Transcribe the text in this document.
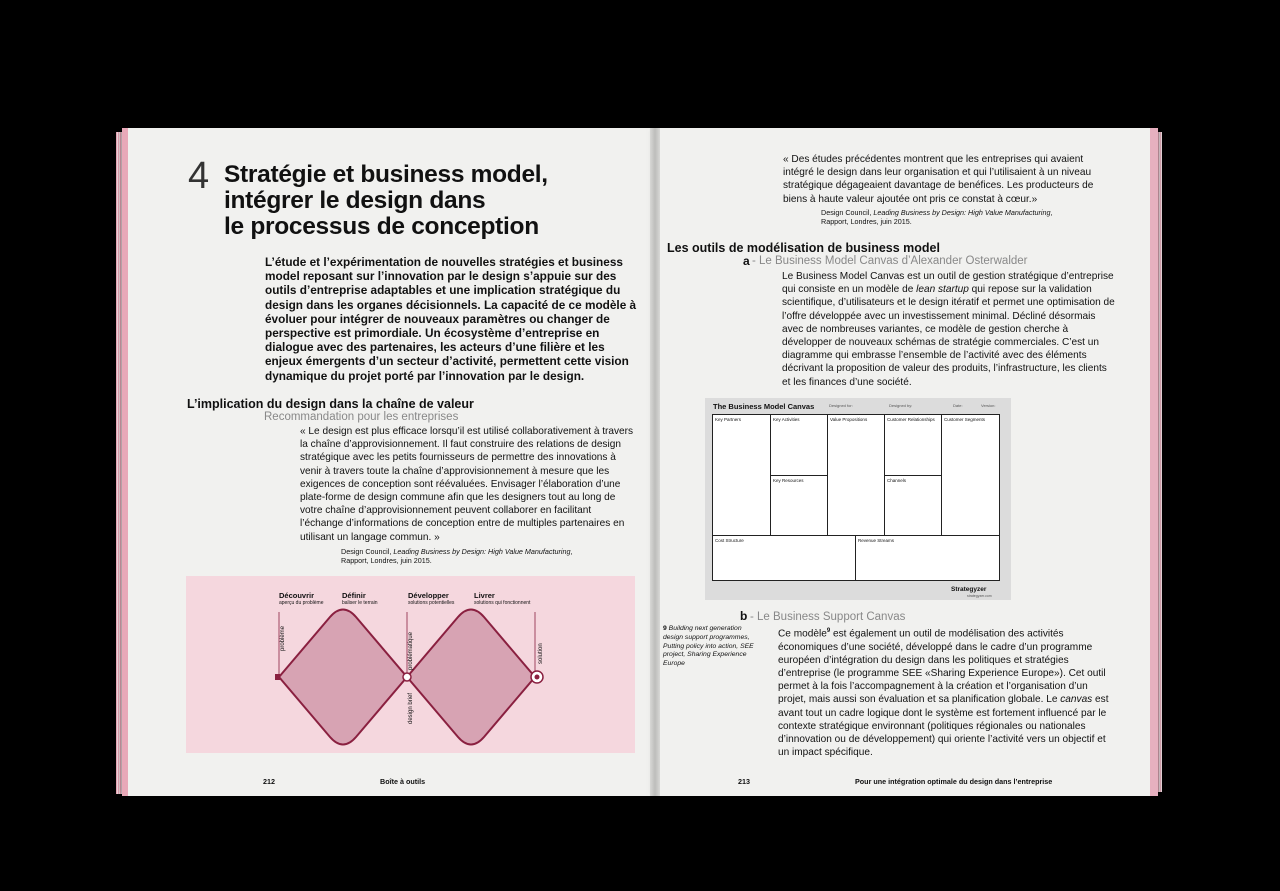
4 Stratégie et business model,
intégrer le design dans
le processus de conception
L’étude et l’expérimentation de nouvelles stratégies et business model reposant sur l’innovation par le design s’appuie sur des outils d’entreprise adaptables et une implication stratégique du design dans les organes décisionnels. La capacité de ce modèle à évoluer pour intégrer de nouveaux paramètres ou changer de perspective est primordiale. Un écosystème d’entreprise en dialogue avec des partenaires, les acteurs d’une filière et les enjeux émergents d’un secteur d’activité, permettent cette vision dynamique du projet porté par l’innovation par le design.
L’implication du design dans la chaîne de valeur
Recommandation pour les entreprises
« Le design est plus efficace lorsqu’il est utilisé collaborativement à travers la chaîne d’approvisionnement. Il faut construire des relations de design stratégique avec les petits fournisseurs de permettre des innovations à venir à travers toute la chaîne d’approvisionnement à mesure que les exigences de conception sont réévaluées. Envisager l’élaboration d’une plate-forme de design commune afin que les designers tout au long de votre chaîne d’approvisionnement peuvent collaborer en facilitant l’échange d’informations de conception entre de multiples partenaires en utilisant un langage commun. »
Design Council, Leading Business by Design: High Value Manufacturing,
Rapport, Londres, juin 2015.
Découvrir
aperçu du problème
Définir
baliser le terrain
Développer
solutions potentielles
Livrer
solutions qui fonctionnent
problème	problématique
design brief
solution
212	Boîte à outils
« Des études précédentes montrent que les entreprises qui avaient intégré le design dans leur organisation et qui l’utilisaient à un niveau stratégique dégageaient davantage de benéfices. Les producteurs de biens à haute valeur ajoutée ont pris ce constat à cœur.»
Design Council, Leading Business by Design: High Value Manufacturing,
Rapport, Londres, juin 2015.
Les outils de modélisation de business model
a - Le Business Model Canvas d’Alexander Osterwalder
Le Business Model Canvas est un outil de gestion stratégique d’entreprise qui consiste en un modèle de lean startup qui repose sur la validation scientifique, d’utilisateurs et le design itératif et permet une optimisation de l’offre développée avec un investissement minimal. Décliné désormais avec de nombreuses variantes, ce modèle de gestion cherche à développer de nouveaux schémas de stratégie commerciales. C’est un diagramme qui embrasse l’ensemble de l’activité avec des éléments décrivant la proposition de valeur des produits, l’infrastructure, les clients et les finances d’une société.
The Business Model Canvas	Designed for:	Designed by:	Date:	Version:
Key Partners	Key Activities
Key Resources
Value Propositions	Customer Relationships
Channels
Customer Segments
Cost Structure	Revenue Streams
Strategyzer
strategyzer.com
b - Le Business Support Canvas
9 Building next generation design support programmes, Putting policy into action, SEE project, Sharing Experience Europe
Ce modèle$^9$ est également un outil de modélisation des activités économiques d’une société, développé dans le cadre d’un programme européen d’intégration du design dans les politiques et stratégies d’entreprise (le programme SEE «Sharing Experience Europe»). Cet outil permet à la fois l’accompagnement à la création et l’organisation d’un projet, mais aussi son évaluation et sa planification globale. Le canvas est avant tout un cadre logique dont le système est fortement influencé par le contexte stratégique environnant (politiques régionales ou nationales d’innovation ou de développement) qui oriente l’activité vers un objectif et un impact spécifique.
213	Pour une intégration optimale du design dans l’entreprise
